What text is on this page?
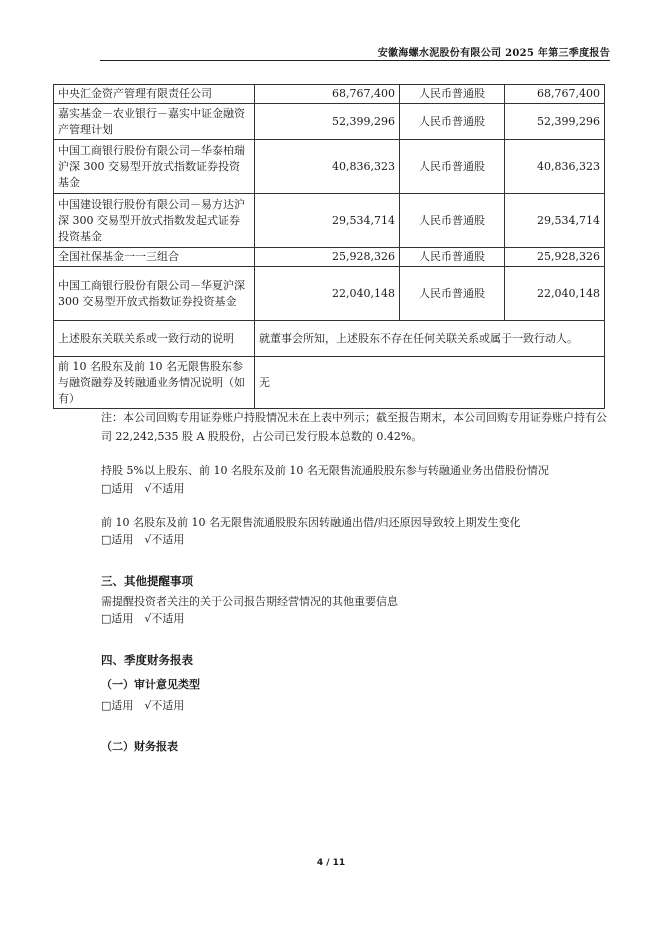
安徽海螺水泥股份有限公司 2025 年第三季度报告
中央汇金资产管理有限责任公司	68,767,400	人民币普通股	68,767,400
嘉实基金－农业银行－嘉实中证金融资产管理计划	52,399,296	人民币普通股	52,399,296
中国工商银行股份有限公司－华泰柏瑞沪深 300 交易型开放式指数证券投资基金	40,836,323	人民币普通股	40,836,323
中国建设银行股份有限公司－易方达沪深 300 交易型开放式指数发起式证券投资基金	29,534,714	人民币普通股	29,534,714
全国社保基金一一三组合	25,928,326	人民币普通股	25,928,326
中国工商银行股份有限公司－华夏沪深 300 交易型开放式指数证券投资基金	22,040,148	人民币普通股	22,040,148
上述股东关联关系或一致行动的说明	就董事会所知，上述股东不存在任何关联关系或属于一致行动人。		
前 10 名股东及前 10 名无限售股东参与融资融券及转融通业务情况说明（如有）	无		
注：本公司回购专用证券账户持股情况未在上表中列示；截至报告期末，本公司回购专用证券账户持有公司 22,242,535 股 A 股股份，占公司已发行股本总数的 0.42%。
持股 5%以上股东、前 10 名股东及前 10 名无限售流通股股东参与转融通业务出借股份情况
□适用　√不适用
前 10 名股东及前 10 名无限售流通股股东因转融通出借/归还原因导致较上期发生变化
□适用　√不适用
三、其他提醒事项
需提醒投资者关注的关于公司报告期经营情况的其他重要信息
□适用　√不适用
四、季度财务报表
（一）审计意见类型
□适用　√不适用
（二）财务报表
4 / 11
